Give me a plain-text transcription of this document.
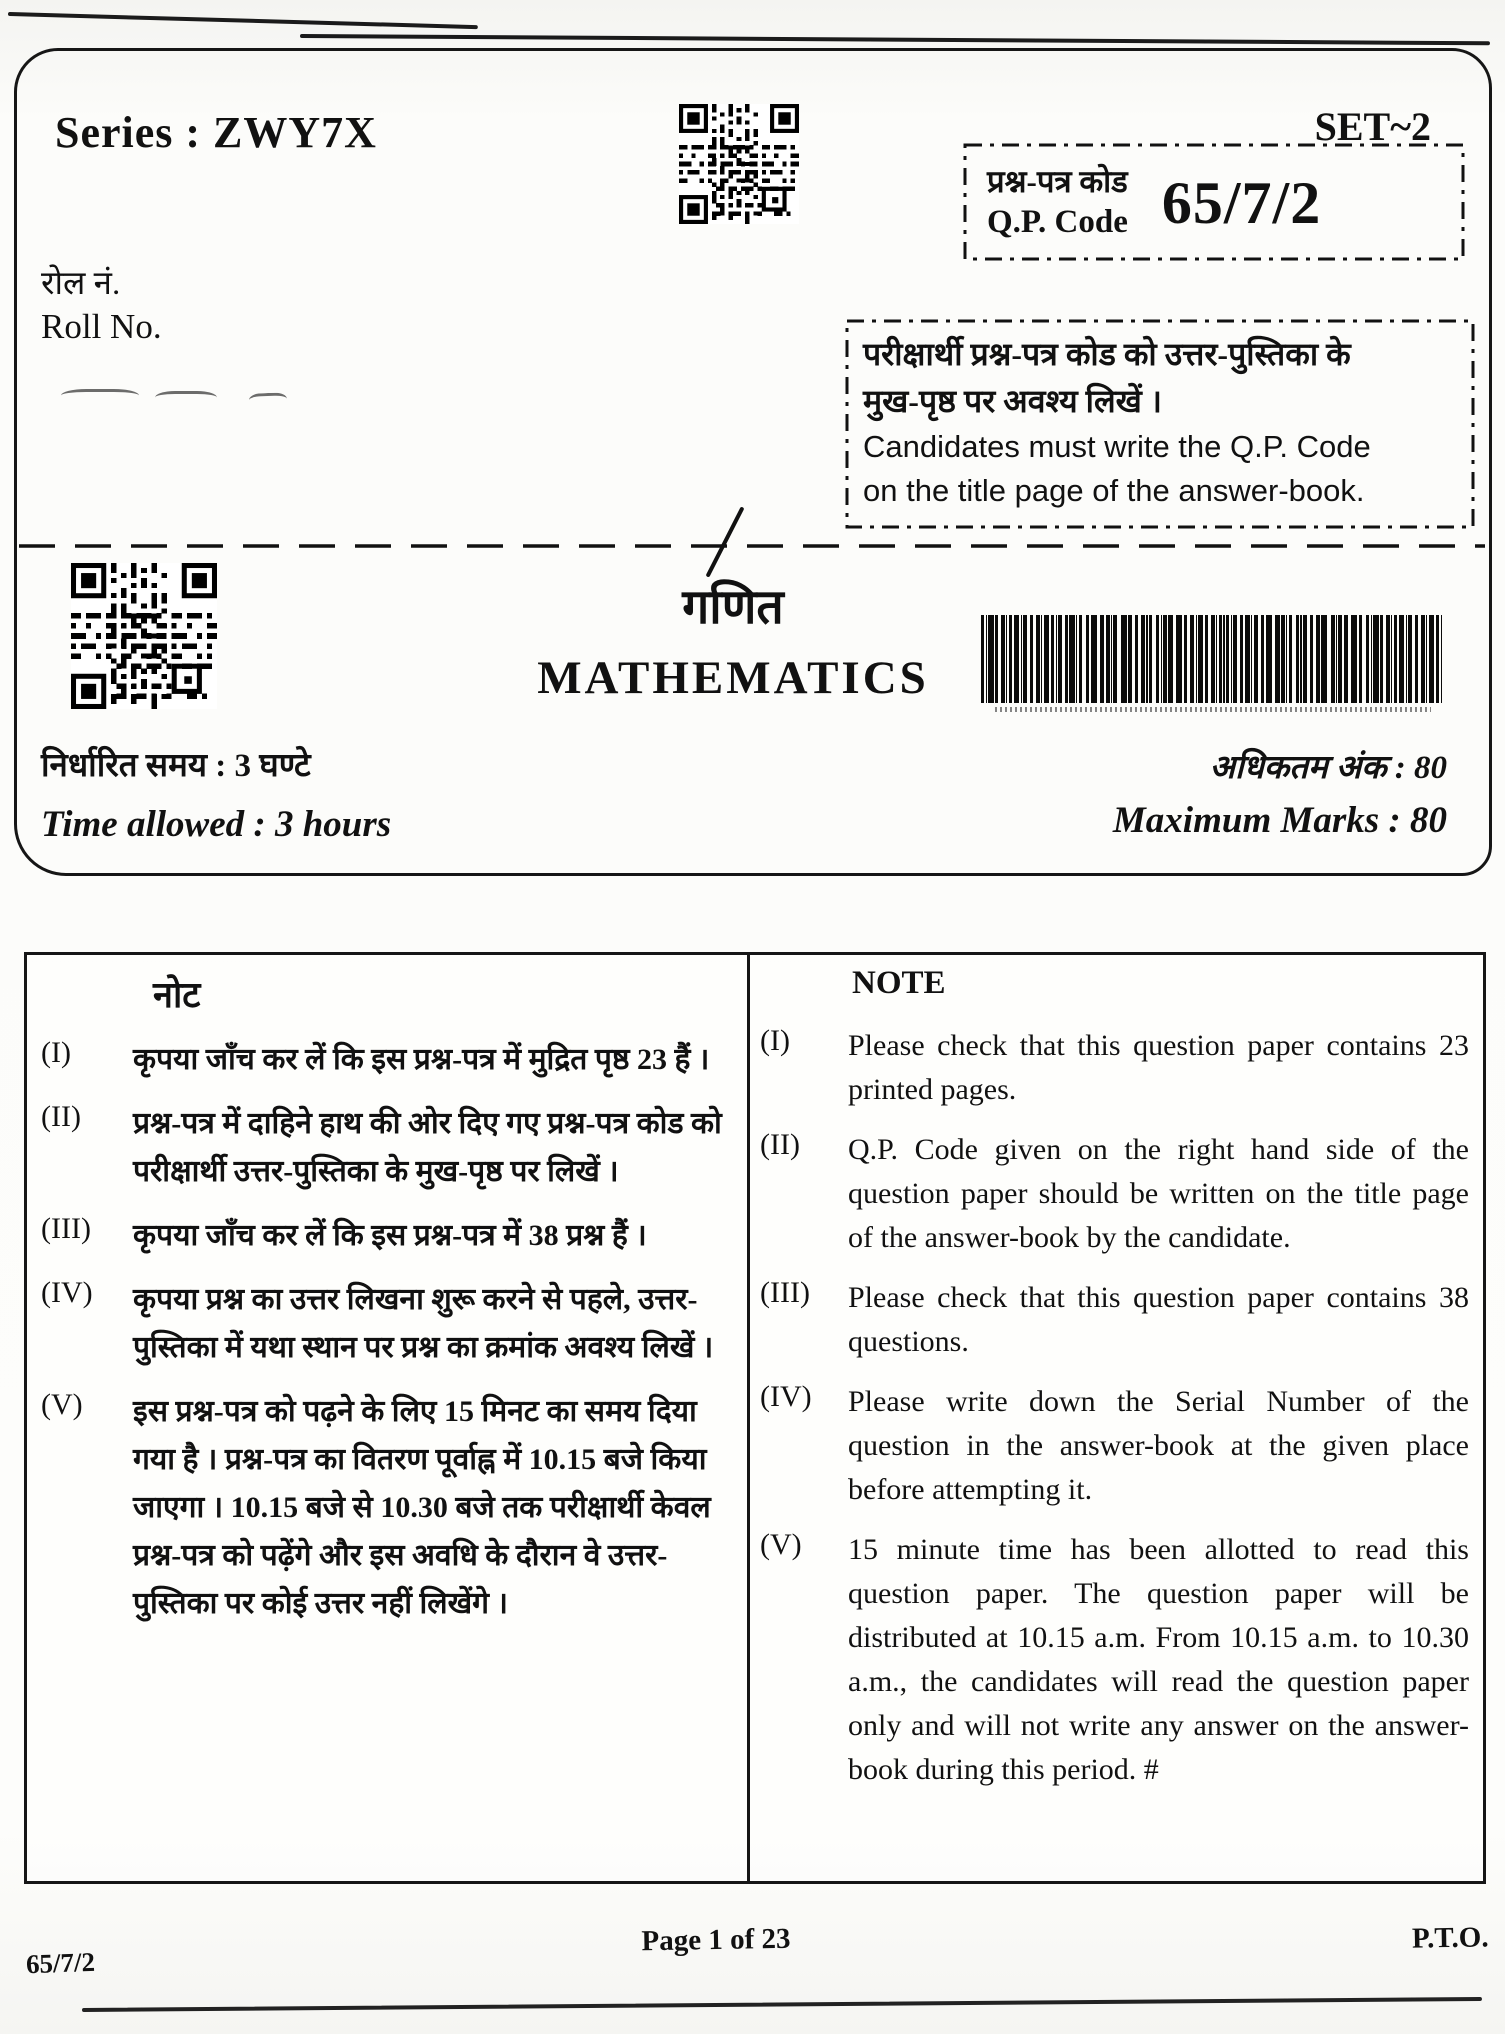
Series : ZWY7X	SET~2
प्रश्न-पत्र कोड
Q.P. Code 65/7/2
रोल नं.
Roll No.
परीक्षार्थी प्रश्न-पत्र कोड को उत्तर-पुस्तिका के
मुख-पृष्ठ पर अवश्य लिखें ।
Candidates must write the Q.P. Code
on the title page of the answer-book.
गणित
MATHEMATICS
निर्धारित समय : 3 घण्टे	अधिकतम अंक : 80
Time allowed : 3 hours	Maximum Marks : 80
नोट
(I)	कृपया जाँच कर लें कि इस प्रश्न-पत्र में मुद्रित पृष्ठ 23 हैं ।
(II)	प्रश्न-पत्र में दाहिने हाथ की ओर दिए गए प्रश्न-पत्र कोड को परीक्षार्थी उत्तर-पुस्तिका के मुख-पृष्ठ पर लिखें ।
(III)	कृपया जाँच कर लें कि इस प्रश्न-पत्र में 38 प्रश्न हैं ।
(IV)	कृपया प्रश्न का उत्तर लिखना शुरू करने से पहले, उत्तर-पुस्तिका में यथा स्थान पर प्रश्न का क्रमांक अवश्य लिखें ।
(V)	इस प्रश्न-पत्र को पढ़ने के लिए 15 मिनट का समय दिया गया है । प्रश्न-पत्र का वितरण पूर्वाह्न में 10.15 बजे किया जाएगा । 10.15 बजे से 10.30 बजे तक परीक्षार्थी केवल प्रश्न-पत्र को पढ़ेंगे और इस अवधि के दौरान वे उत्तर-पुस्तिका पर कोई उत्तर नहीं लिखेंगे ।
NOTE
(I)	Please check that this question paper contains 23 printed pages.
(II)	Q.P. Code given on the right hand side of the question paper should be written on the title page of the answer-book by the candidate.
(III)	Please check that this question paper contains 38 questions.
(IV)	Please write down the Serial Number of the question in the answer-book at the given place before attempting it.
(V)	15 minute time has been allotted to read this question paper. The question paper will be distributed at 10.15 a.m. From 10.15 a.m. to 10.30 a.m., the candidates will read the question paper only and will not write any answer on the answer-book during this period. #
65/7/2
Page 1 of 23	P.T.O.
